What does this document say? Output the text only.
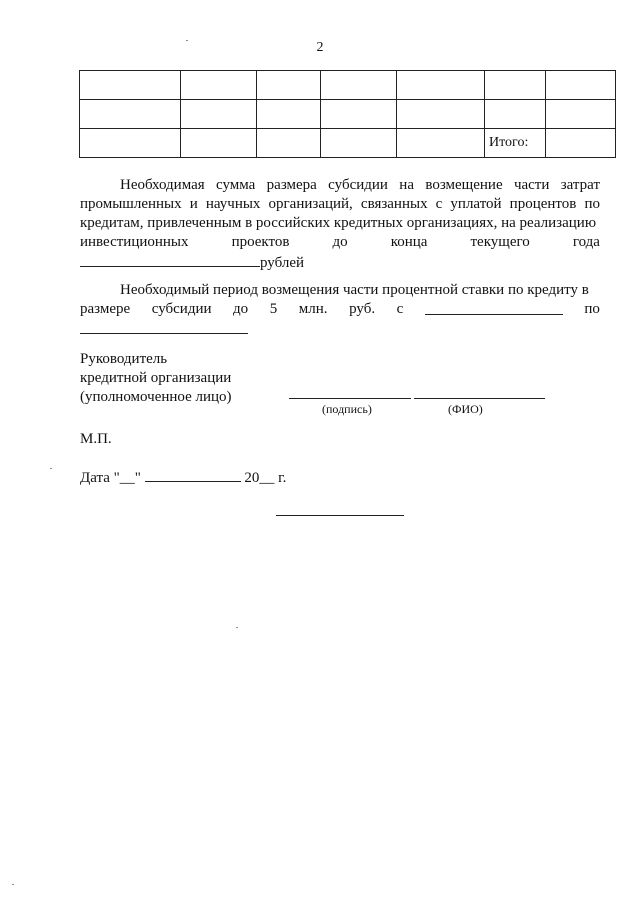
2

					Итого:	
Необходимая сумма размера субсидии на возмещение части затрат промышленных и научных организаций, связанных с уплатой процентов по кредитам, привлеченным в российских кредитных организациях, на реализацию
инвестиционных	проектов	до	конца	текущего	года
рублей
Необходимый период возмещения части процентной ставки по кредиту в
размере субсидии до 5 млн. руб. с	по
Руководитель
кредитной организации
(уполномоченное лицо)
(подпись)	(ФИО)
М.П.
Дата "__"	20__ г.
